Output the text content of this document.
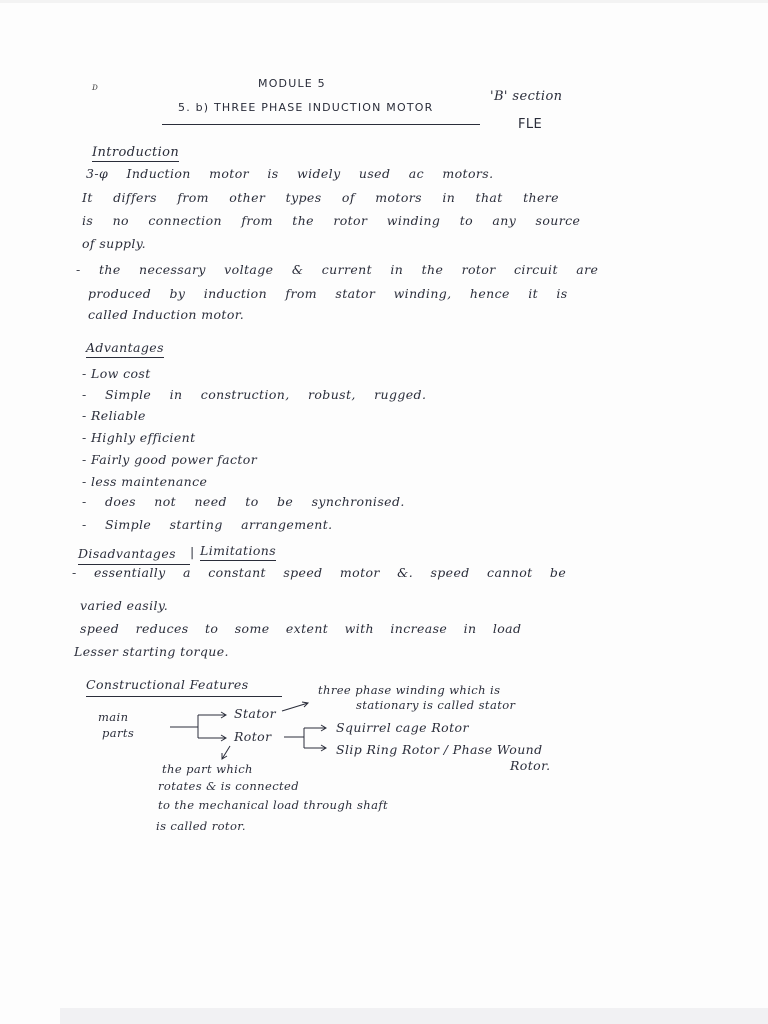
ᴅ	MODULE 5
5. b) THREE PHASE INDUCTION MOTOR
'B' section
FLE
Introduction
3-φ Induction motor is widely used ac motors.
It differs from other types of motors in that there
is no connection from the rotor winding to any source
of supply.
- the necessary voltage & current in the rotor circuit are
produced by induction from stator winding, hence it is
called Induction motor.
Advantages
- Low cost
- Simple in construction, robust, rugged.
- Reliable
- Highly efficient
- Fairly good power factor
- less maintenance
- does not need to be synchronised.
- Simple starting arrangement.
Disadvantages | Limitations
- essentially a constant speed motor &. speed cannot be
varied easily.
speed reduces to some extent with increase in load
Lesser starting torque.
Constructional Features
main
parts
Stator
Rotor
three phase winding which is
stationary is called stator
Squirrel cage Rotor
Slip Ring Rotor / Phase Wound
Rotor.
the part which
rotates & is connected
to the mechanical load through shaft
is called rotor.
